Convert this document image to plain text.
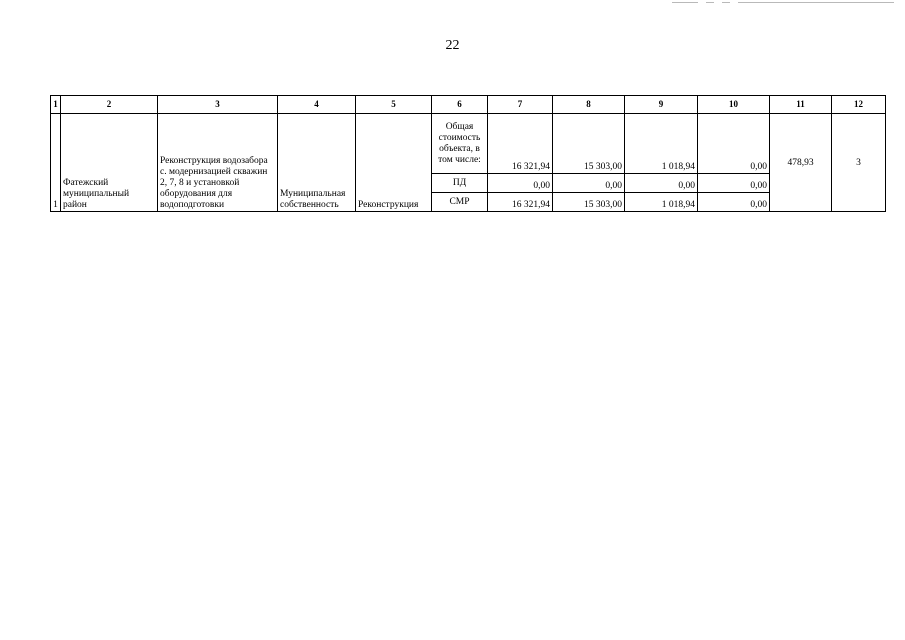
22
1	2	3	4	5	6	7	8	9	10	11	12
1	Фатежский муниципальный район	Реконструкция водозабора с. модернизацией скважин 2, 7, 8 и установкой оборудования для водоподготовки	Муниципальная собственность	Реконструкция	Общая стоимость объекта, в том числе:	16 321,94	15 303,00	1 018,94	0,00	478,93	3
					ПД	0,00	0,00	0,00	0,00		
					СМР	16 321,94	15 303,00	1 018,94	0,00		
